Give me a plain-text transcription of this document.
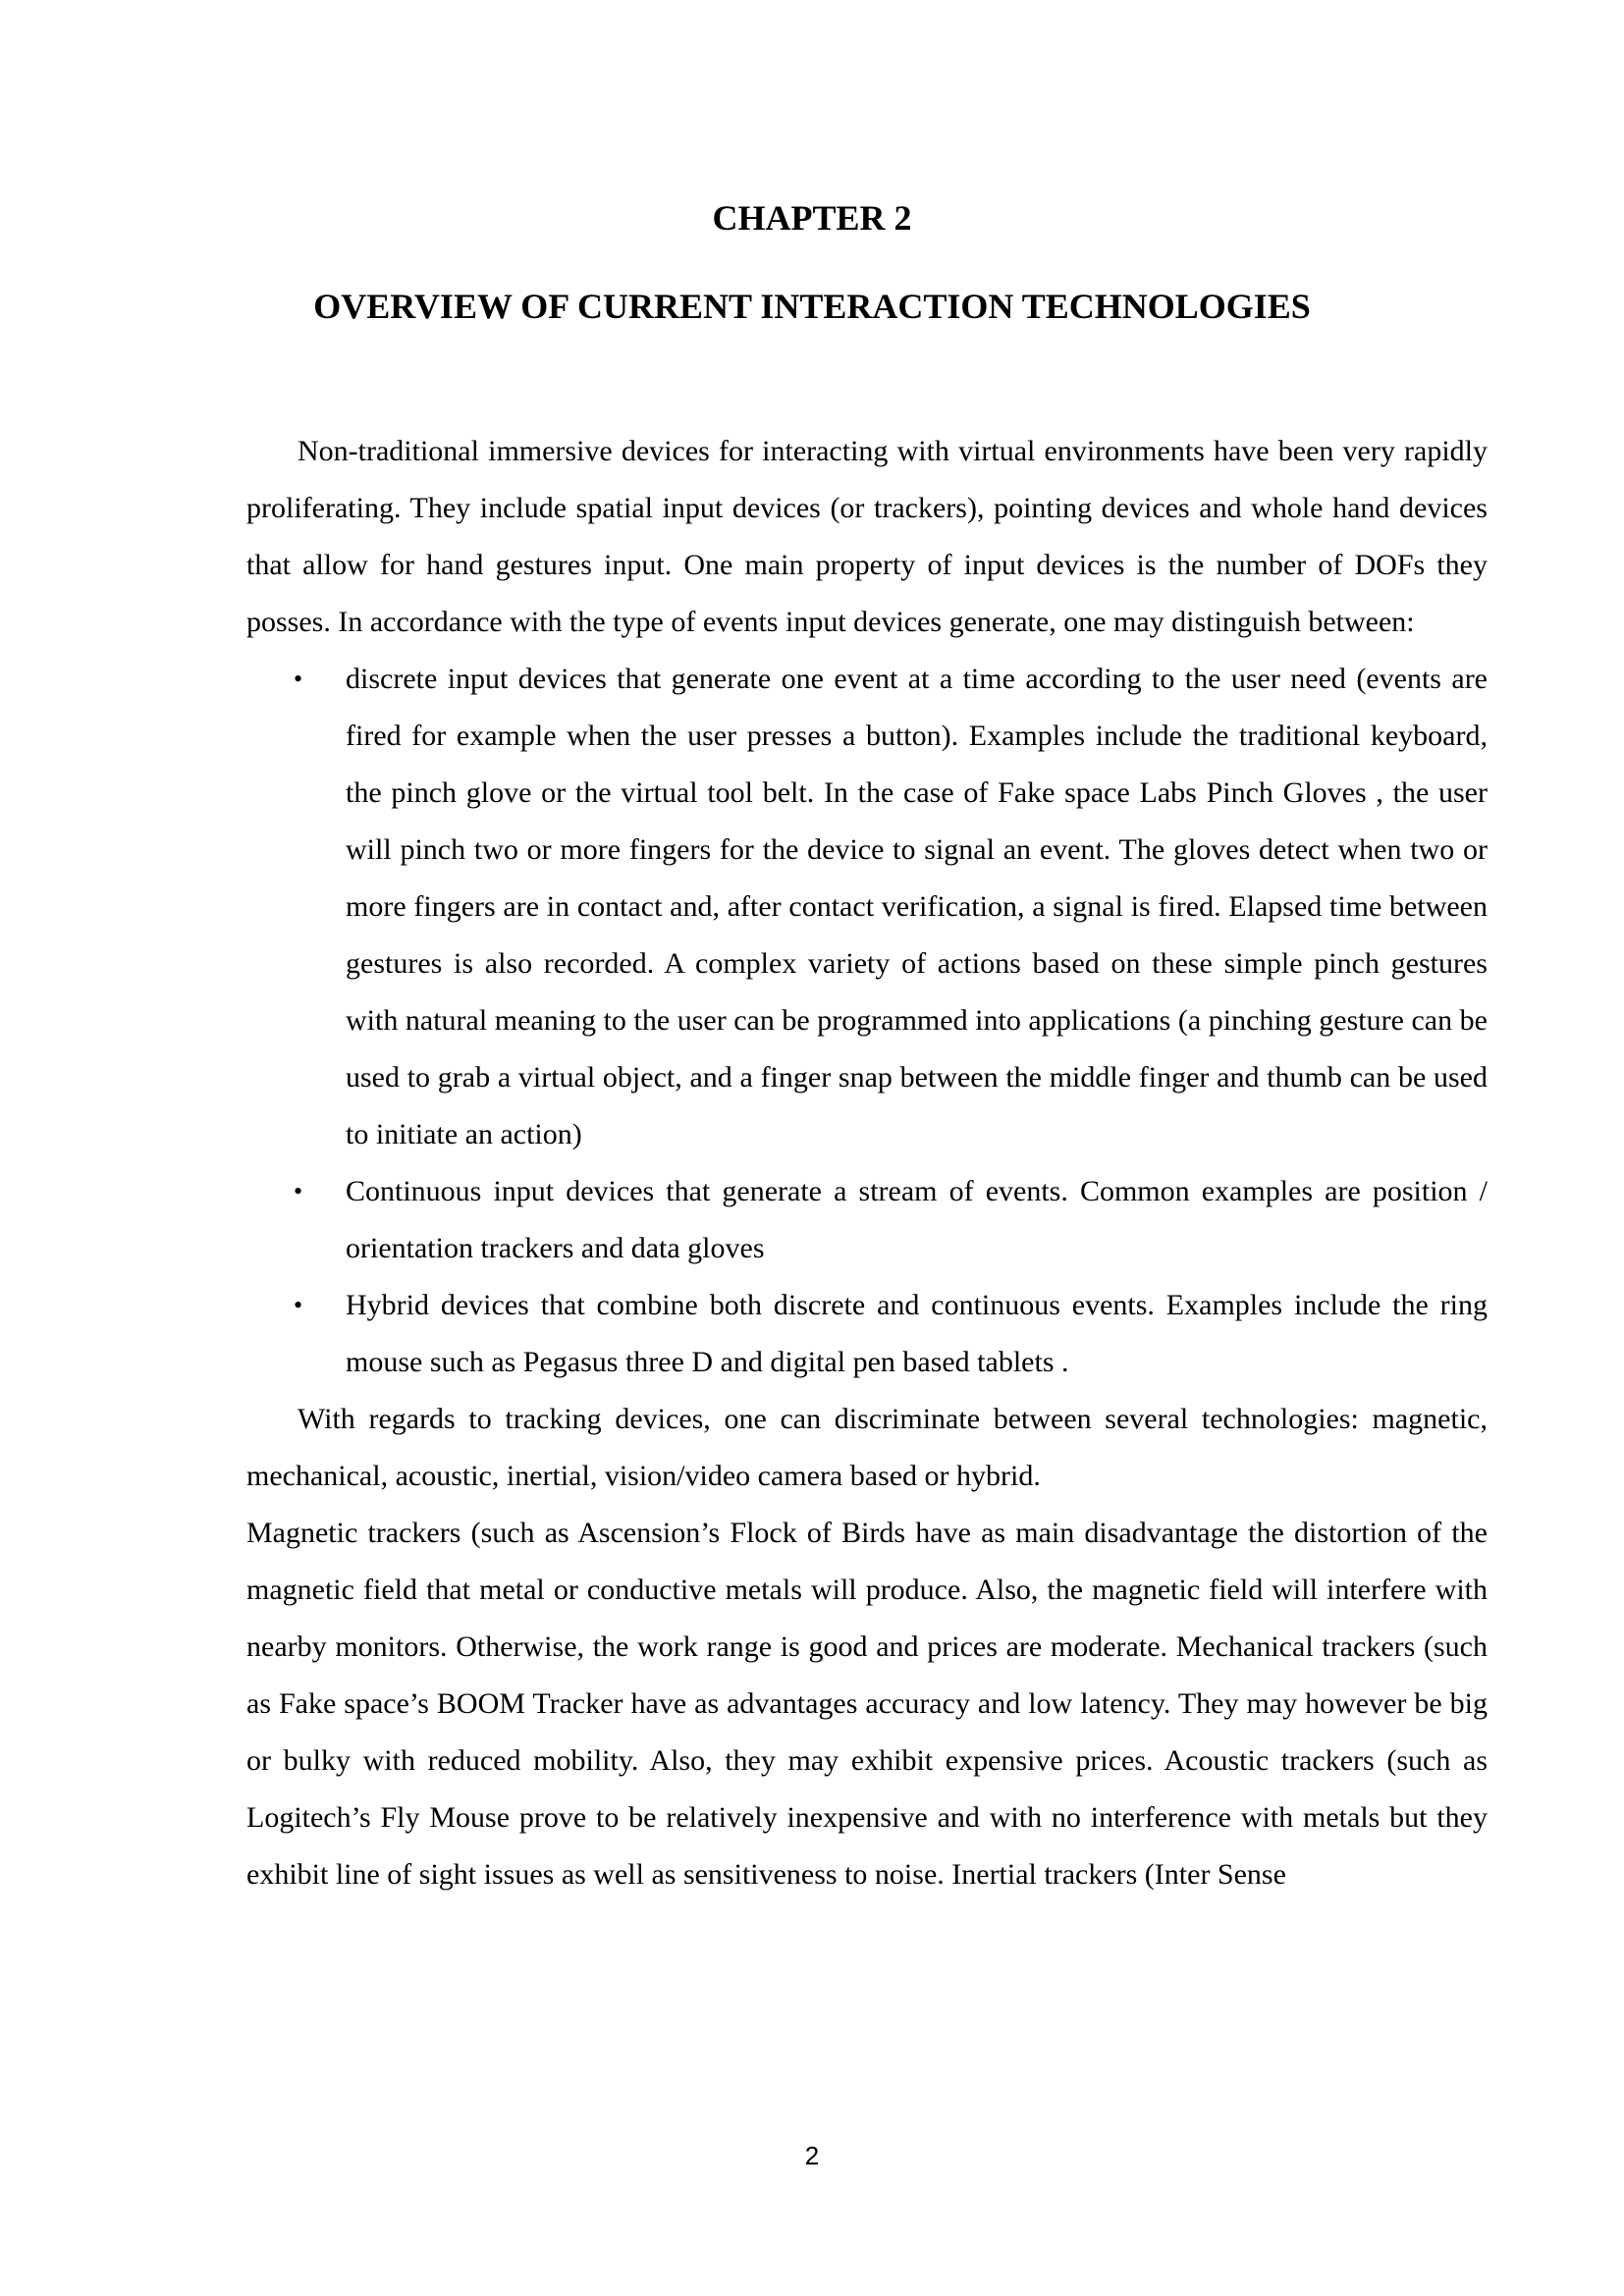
CHAPTER 2
OVERVIEW OF CURRENT INTERACTION TECHNOLOGIES

Non-traditional immersive devices for interacting with virtual environments have been very rapidly proliferating. They include spatial input devices (or trackers), pointing devices and whole hand devices that allow for hand gestures input. One main property of input devices is the number of DOFs they posses. In accordance with the type of events input devices generate, one may distinguish between:

• discrete input devices that generate one event at a time according to the user need (events are fired for example when the user presses a button). Examples include the traditional keyboard, the pinch glove or the virtual tool belt. In the case of Fake space Labs Pinch Gloves , the user will pinch two or more fingers for the device to signal an event. The gloves detect when two or more fingers are in contact and, after contact verification, a signal is fired. Elapsed time between gestures is also recorded. A complex variety of actions based on these simple pinch gestures with natural meaning to the user can be programmed into applications (a pinching gesture can be used to grab a virtual object, and a finger snap between the middle finger and thumb can be used to initiate an action)
• Continuous input devices that generate a stream of events. Common examples are position / orientation trackers and data gloves
• Hybrid devices that combine both discrete and continuous events. Examples include the ring mouse such as Pegasus three D and digital pen based tablets .

With regards to tracking devices, one can discriminate between several technologies: magnetic, mechanical, acoustic, inertial, vision/video camera based or hybrid.

Magnetic trackers (such as Ascension’s Flock of Birds have as main disadvantage the distortion of the magnetic field that metal or conductive metals will produce. Also, the magnetic field will interfere with nearby monitors. Otherwise, the work range is good and prices are moderate. Mechanical trackers (such as Fake space’s BOOM Tracker have as advantages accuracy and low latency. They may however be big or bulky with reduced mobility. Also, they may exhibit expensive prices. Acoustic trackers (such as Logitech’s Fly Mouse prove to be relatively inexpensive and with no interference with metals but they exhibit line of sight issues as well as sensitiveness to noise. Inertial trackers (Inter Sense

2
